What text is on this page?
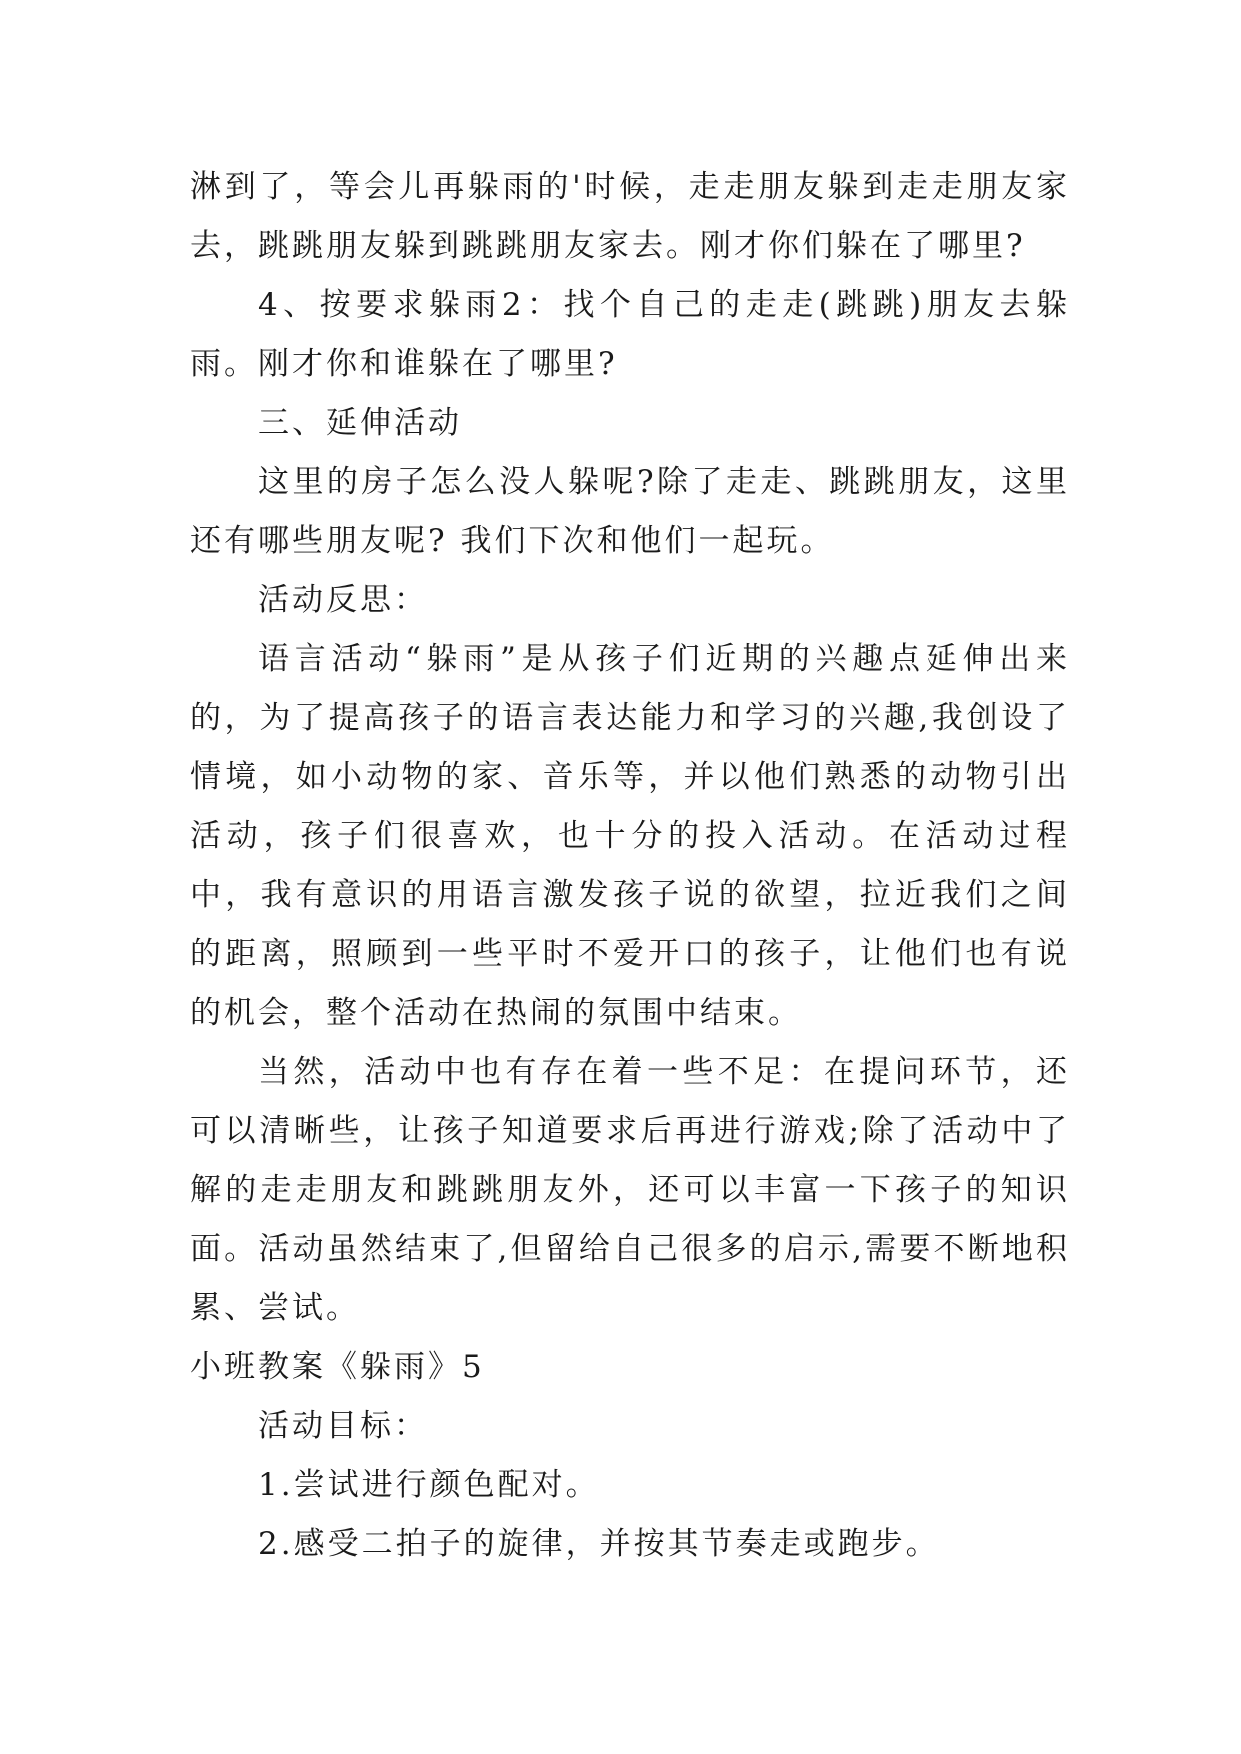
淋到了，等会儿再躲雨的'时候，走走朋友躲到走走朋友家去，跳跳朋友躲到跳跳朋友家去。刚才你们躲在了哪里?

4、按要求躲雨2：找个自己的走走(跳跳)朋友去躲雨。刚才你和谁躲在了哪里?

三、延伸活动

这里的房子怎么没人躲呢?除了走走、跳跳朋友，这里还有哪些朋友呢? 我们下次和他们一起玩。

活动反思：

语言活动“躲雨”是从孩子们近期的兴趣点延伸出来的，为了提高孩子的语言表达能力和学习的兴趣,我创设了情境，如小动物的家、音乐等，并以他们熟悉的动物引出活动，孩子们很喜欢，也十分的投入活动。在活动过程中，我有意识的用语言激发孩子说的欲望，拉近我们之间的距离，照顾到一些平时不爱开口的孩子，让他们也有说的机会，整个活动在热闹的氛围中结束。

当然，活动中也有存在着一些不足：在提问环节，还可以清晰些，让孩子知道要求后再进行游戏;除了活动中了解的走走朋友和跳跳朋友外，还可以丰富一下孩子的知识面。活动虽然结束了,但留给自己很多的启示,需要不断地积累、尝试。

小班教案《躲雨》5

活动目标：

1.尝试进行颜色配对。

2.感受二拍子的旋律，并按其节奏走或跑步。
